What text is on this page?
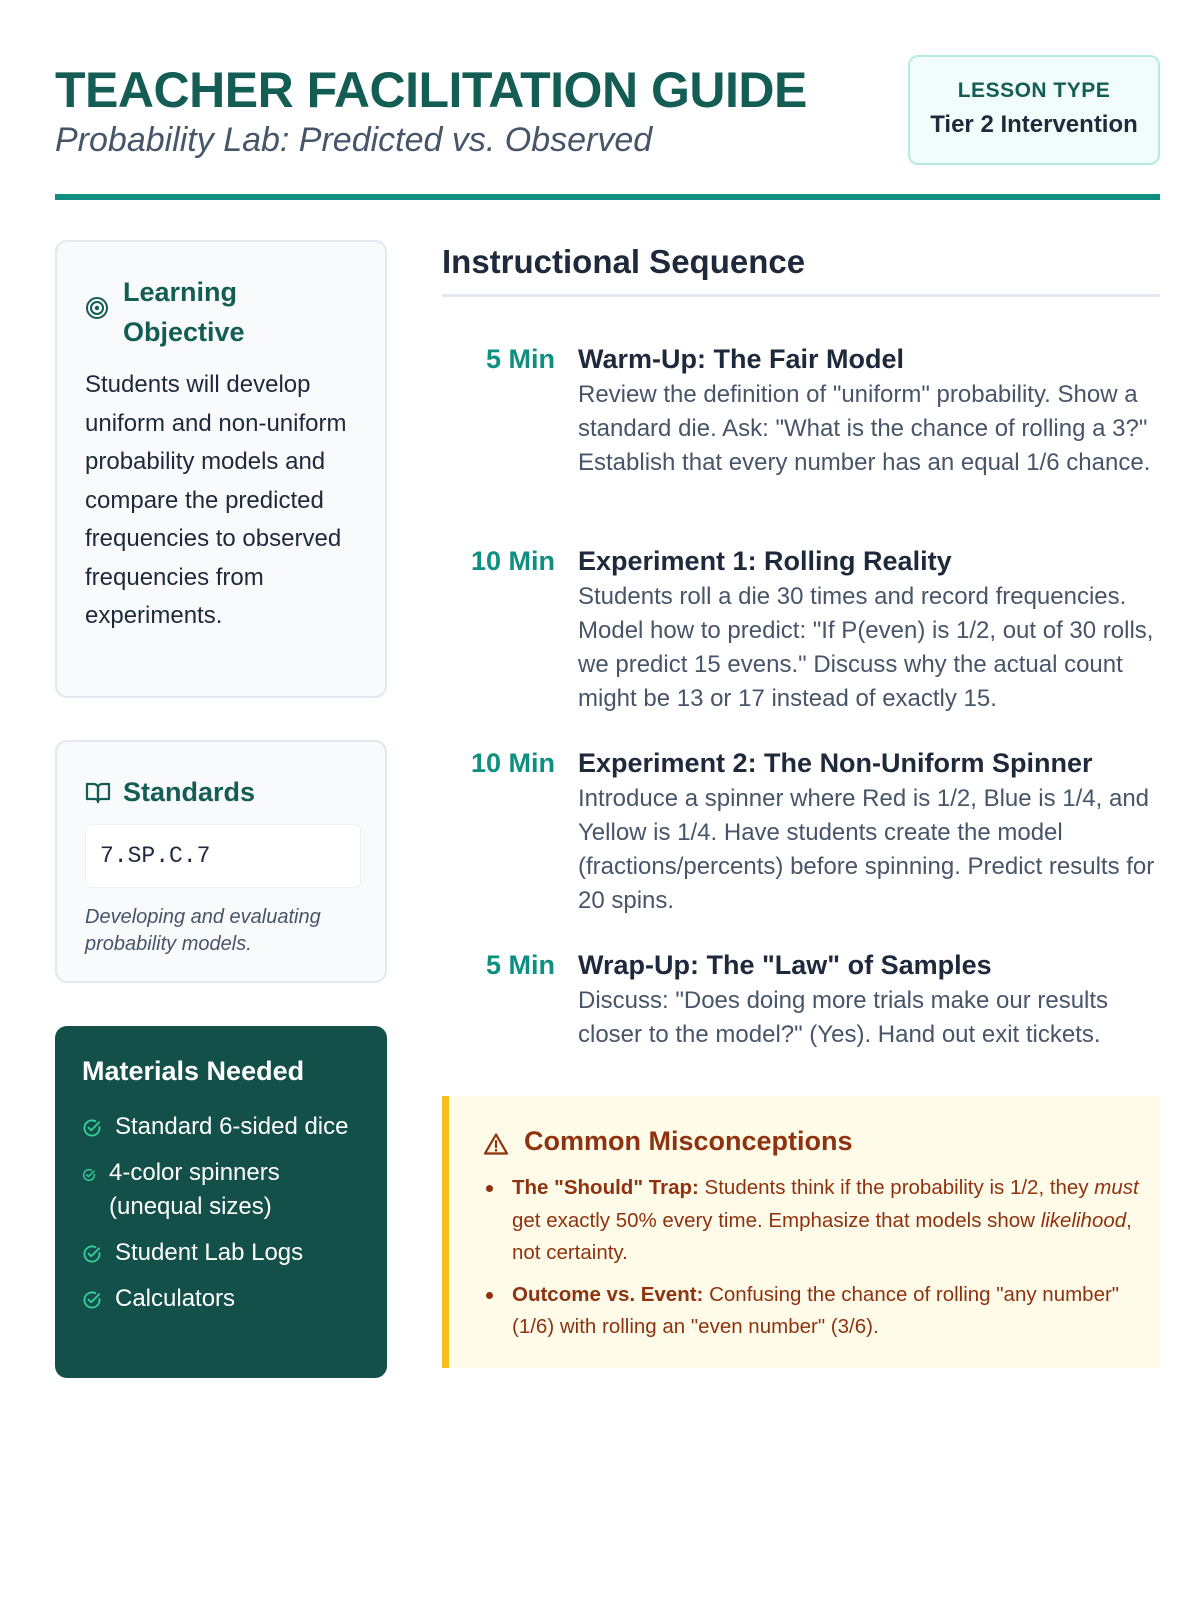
TEACHER FACILITATION GUIDE
Probability Lab: Predicted vs. Observed
LESSON TYPE
Tier 2 Intervention
Learning Objective

Students will develop uniform and non-uniform probability models and compare the predicted frequencies to observed frequencies from experiments.

Standards
7.SP.C.7

Developing and evaluating probability models.

Materials Needed
Standard 6-sided dice
4-color spinners (unequal sizes)
Student Lab Logs
Calculators
Instructional Sequence
5 Min Warm-Up: The Fair Model
Review the definition of "uniform" probability. Show a standard die. Ask: "What is the chance of rolling a 3?" Establish that every number has an equal 1/6 chance.
10 Min Experiment 1: Rolling Reality
Students roll a die 30 times and record frequencies. Model how to predict: "If P(even) is 1/2, out of 30 rolls, we predict 15 evens." Discuss why the actual count might be 13 or 17 instead of exactly 15.
10 Min Experiment 2: The Non-Uniform Spinner
Introduce a spinner where Red is 1/2, Blue is 1/4, and Yellow is 1/4. Have students create the model (fractions/percents) before spinning. Predict results for 20 spins.
5 Min Wrap-Up: The "Law" of Samples
Discuss: "Does doing more trials make our results closer to the model?" (Yes). Hand out exit tickets.
Common Misconceptions
The "Should" Trap: Students think if the probability is 1/2, they must get exactly 50% every time. Emphasize that models show likelihood, not certainty.
Outcome vs. Event: Confusing the chance of rolling "any number" (1/6) with rolling an "even number" (3/6).
